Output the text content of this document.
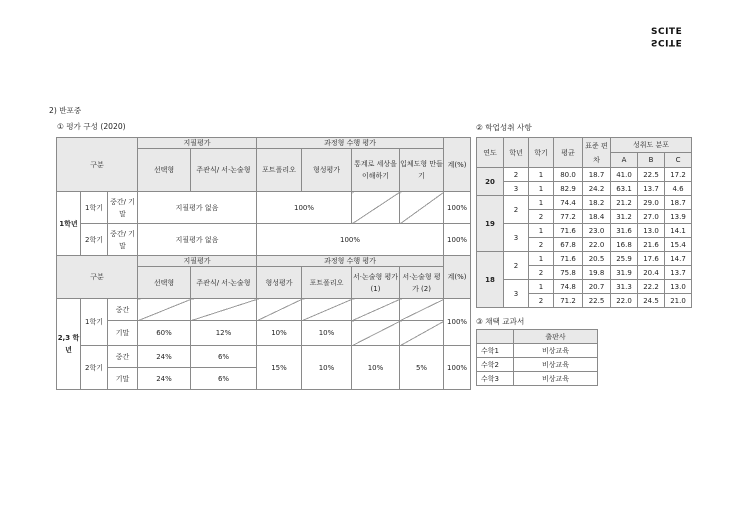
SCITE
SCITE
2) 반포중
① 평가 구성 (2020)	② 학업성취 사항
③ 채택 교과서
구분			지필평가		과정형 수행 평가				계(%)
			선택형	주관식/ 서·논술형	포트폴리오	형성평가	통계로 세상을 이해하기	입체도형 만들기	
1학년	1학기	중간/ 기말	지필평가 없음		100%				100%
	2학기	중간/ 기말	지필평가 없음		100%				100%
구분			지필평가		과정형 수행 평가				계(%)
			선택형	주관식/ 서·논술형	형성평가	포트폴리오	서·논술형 평가 (1)	서·논술형 평가 (2)	
2,3 학년	1학기	중간							100%
		기말	60%	12%	10%	10%			
	2학기	중간	24%	6%	15%	10%	10%	5%	100%
		기말	24%	6%					
연도	학년	학기	평균	표준 편차	성취도 분포		
					A	B	C
20	2	1	80.0	18.7	41.0	22.5	17.2
	3	1	82.9	24.2	63.1	13.7	4.6
19	2	1	74.4	18.2	21.2	29.0	18.7
		2	77.2	18.4	31.2	27.0	13.9
	3	1	71.6	23.0	31.6	13.0	14.1
		2	67.8	22.0	16.8	21.6	15.4
18	2	1	71.6	20.5	25.9	17.6	14.7
		2	75.8	19.8	31.9	20.4	13.7
	3	1	74.8	20.7	31.3	22.2	13.0
		2	71.2	22.5	22.0	24.5	21.0
	출판사
수학1	비상교육
수학2	비상교육
수학3	비상교육
